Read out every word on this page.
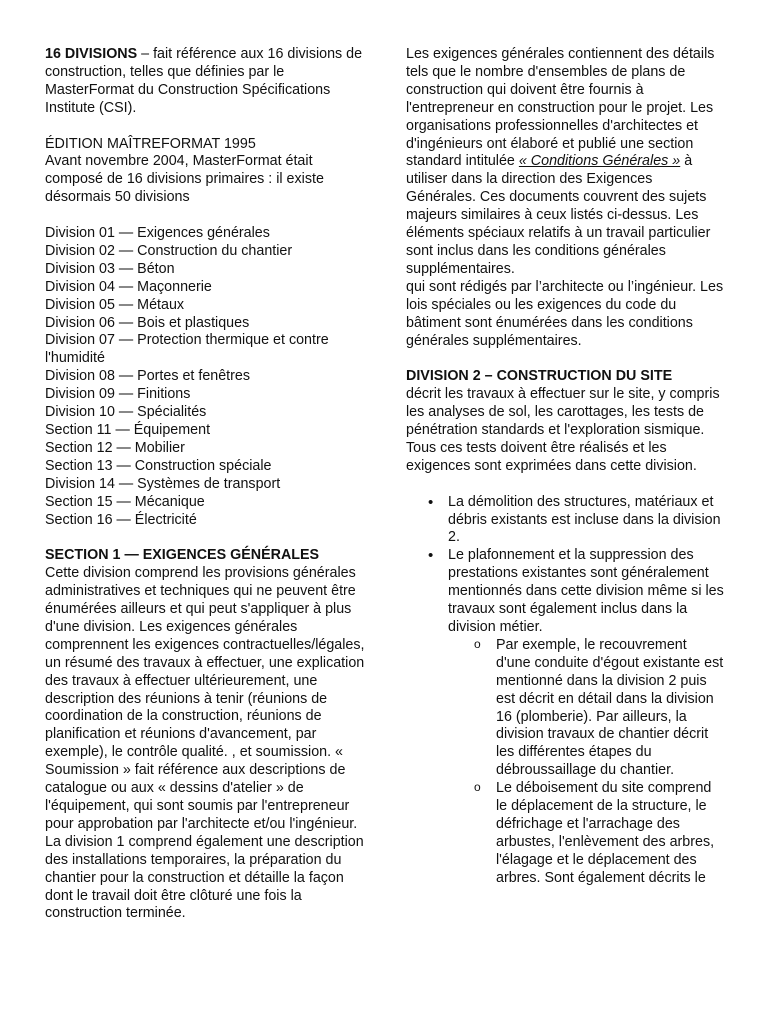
16 DIVISIONS – fait référence aux 16 divisions de construction, telles que définies par le MasterFormat du Construction Spécifications Institute (CSI).

ÉDITION MAÎTREFORMAT 1995

Avant novembre 2004, MasterFormat était composé de 16 divisions primaires : il existe désormais 50 divisions

Division 01 — Exigences générales

Division 02 — Construction du chantier

Division 03 — Béton

Division 04 — Maçonnerie

Division 05 — Métaux

Division 06 — Bois et plastiques

Division 07 — Protection thermique et contre l'humidité

Division 08 — Portes et fenêtres

Division 09 — Finitions

Division 10 — Spécialités

Section 11 — Équipement

Section 12 — Mobilier

Section 13 — Construction spéciale

Division 14 — Systèmes de transport

Section 15 — Mécanique

Section 16 — Électricité

SECTION 1 — EXIGENCES GÉNÉRALES

Cette division comprend les provisions générales administratives et techniques qui ne peuvent être énumérées ailleurs et qui peut s'appliquer à plus d'une division. Les exigences générales comprennent les exigences contractuelles/légales, un résumé des travaux à effectuer, une explication des travaux à effectuer ultérieurement, une description des réunions à tenir (réunions de coordination de la construction, réunions de planification et réunions d'avancement, par exemple), le contrôle qualité. , et soumission. « Soumission » fait référence aux descriptions de catalogue ou aux « dessins d'atelier » de l'équipement, qui sont soumis par l'entrepreneur pour approbation par l'architecte et/ou l'ingénieur. La division 1 comprend également une description des installations temporaires, la préparation du chantier pour la construction et détaille la façon dont le travail doit être clôturé une fois la construction terminée.

Les exigences générales contiennent des détails tels que le nombre d'ensembles de plans de construction qui doivent être fournis à l'entrepreneur en construction pour le projet. Les organisations professionnelles d'architectes et d'ingénieurs ont élaboré et publié une section standard intitulée « Conditions Générales » à utiliser dans la direction des Exigences Générales. Ces documents couvrent des sujets majeurs similaires à ceux listés ci-dessus. Les éléments spéciaux relatifs à un travail particulier sont inclus dans les conditions générales supplémentaires.

qui sont rédigés par l’architecte ou l’ingénieur. Les lois spéciales ou les exigences du code du bâtiment sont énumérées dans les conditions générales supplémentaires.

DIVISION 2 – CONSTRUCTION DU SITE

décrit les travaux à effectuer sur le site, y compris les analyses de sol, les carottages, les tests de pénétration standards et l'exploration sismique. Tous ces tests doivent être réalisés et les exigences sont exprimées dans cette division.

• La démolition des structures, matériaux et débris existants est incluse dans la division 2.
• Le plafonnement et la suppression des prestations existantes sont généralement mentionnés dans cette division même si les travaux sont également inclus dans la division métier.
o Par exemple, le recouvrement d'une conduite d'égout existante est mentionné dans la division 2 puis est décrit en détail dans la division 16 (plomberie). Par ailleurs, la division travaux de chantier décrit les différentes étapes du débroussaillage du chantier.
o Le déboisement du site comprend le déplacement de la structure, le défrichage et l'arrachage des arbustes, l'enlèvement des arbres, l'élagage et le déplacement des arbres. Sont également décrits le
